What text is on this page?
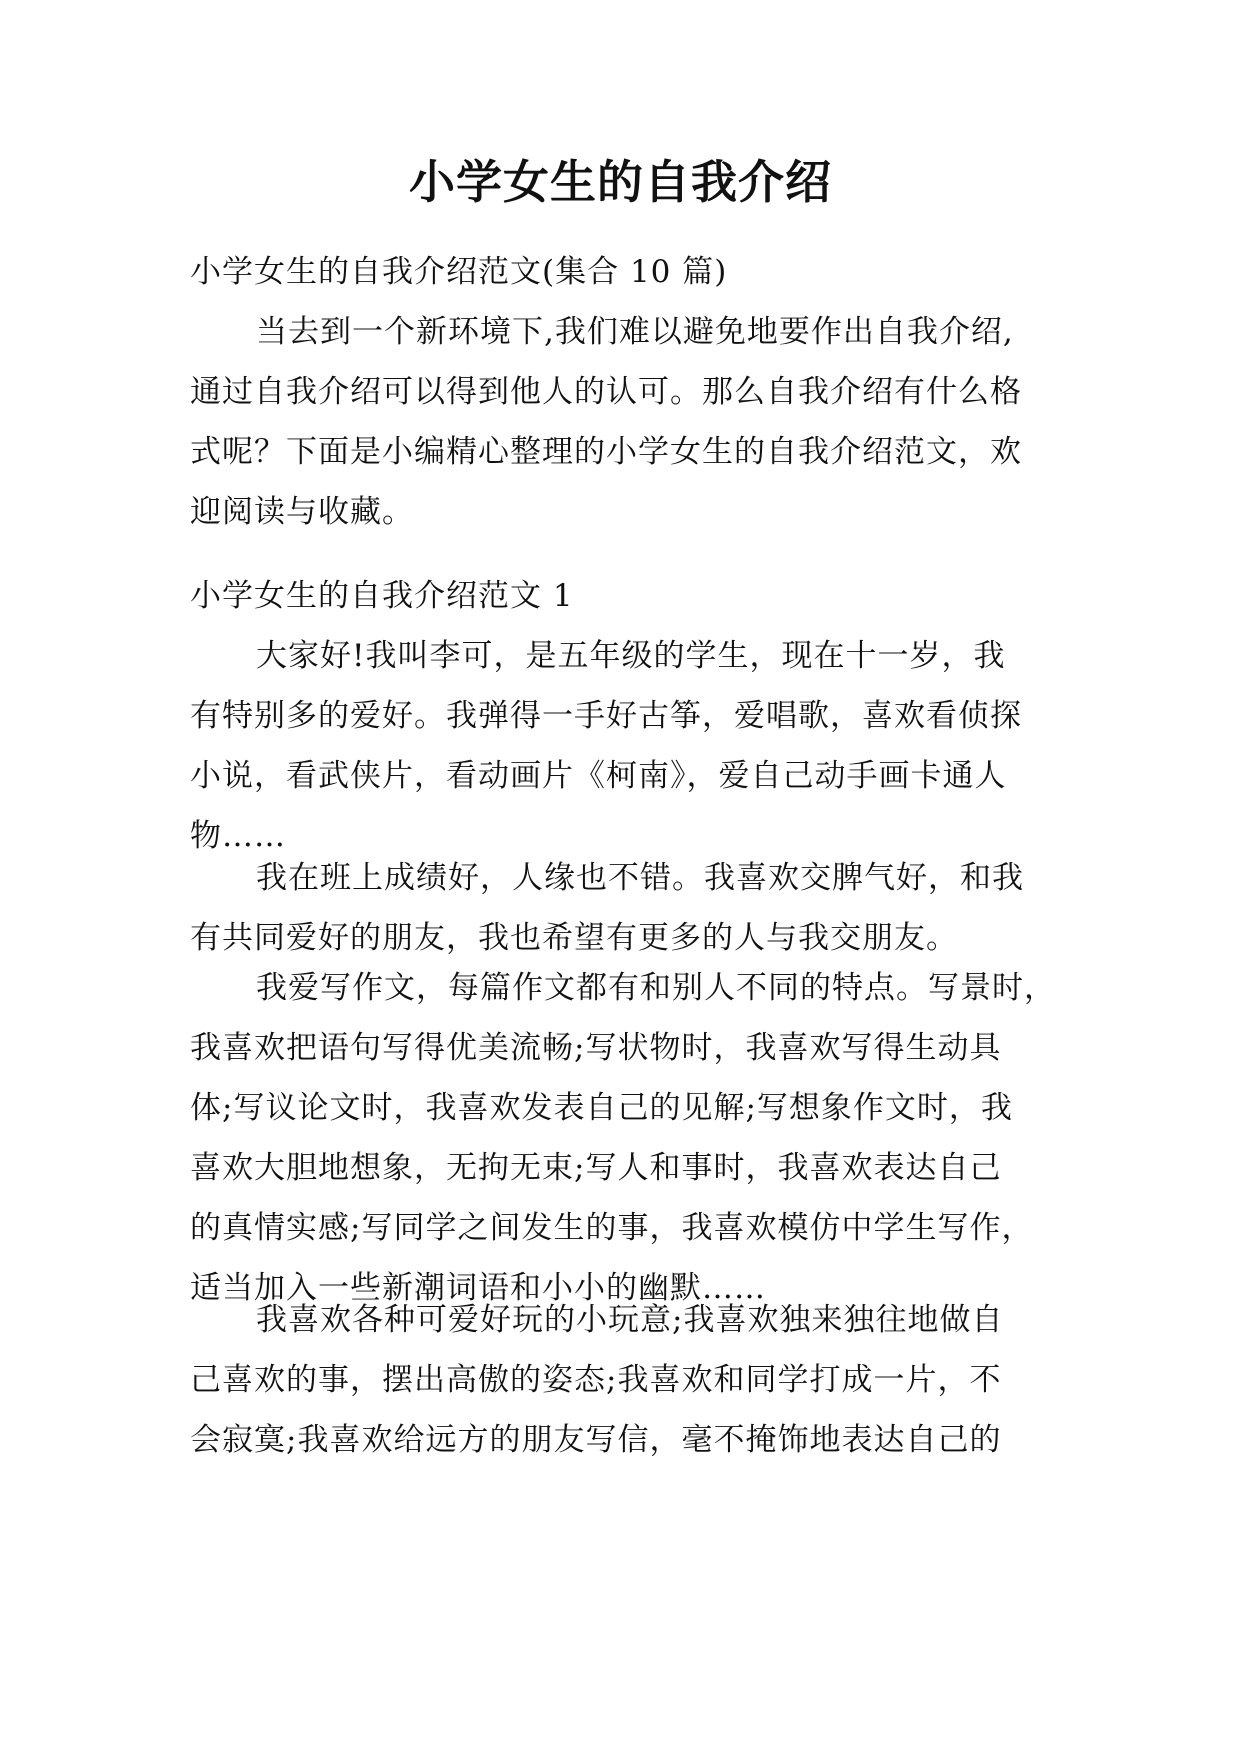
小学女生的自我介绍
小学女生的自我介绍范文(集合 10 篇)
当去到一个新环境下,我们难以避免地要作出自我介绍,
通过自我介绍可以得到他人的认可。那么自我介绍有什么格
式呢？下面是小编精心整理的小学女生的自我介绍范文，欢
迎阅读与收藏。
小学女生的自我介绍范文 1
大家好!我叫李可，是五年级的学生，现在十一岁，我
有特别多的爱好。我弹得一手好古筝，爱唱歌，喜欢看侦探
小说，看武侠片，看动画片《柯南》，爱自己动手画卡通人
物……
我在班上成绩好，人缘也不错。我喜欢交脾气好，和我
有共同爱好的朋友，我也希望有更多的人与我交朋友。
我爱写作文，每篇作文都有和别人不同的特点。写景时，
我喜欢把语句写得优美流畅;写状物时，我喜欢写得生动具
体;写议论文时，我喜欢发表自己的见解;写想象作文时，我
喜欢大胆地想象，无拘无束;写人和事时，我喜欢表达自己
的真情实感;写同学之间发生的事，我喜欢模仿中学生写作，
适当加入一些新潮词语和小小的幽默……
我喜欢各种可爱好玩的小玩意;我喜欢独来独往地做自
己喜欢的事，摆出高傲的姿态;我喜欢和同学打成一片，不
会寂寞;我喜欢给远方的朋友写信，毫不掩饰地表达自己的
